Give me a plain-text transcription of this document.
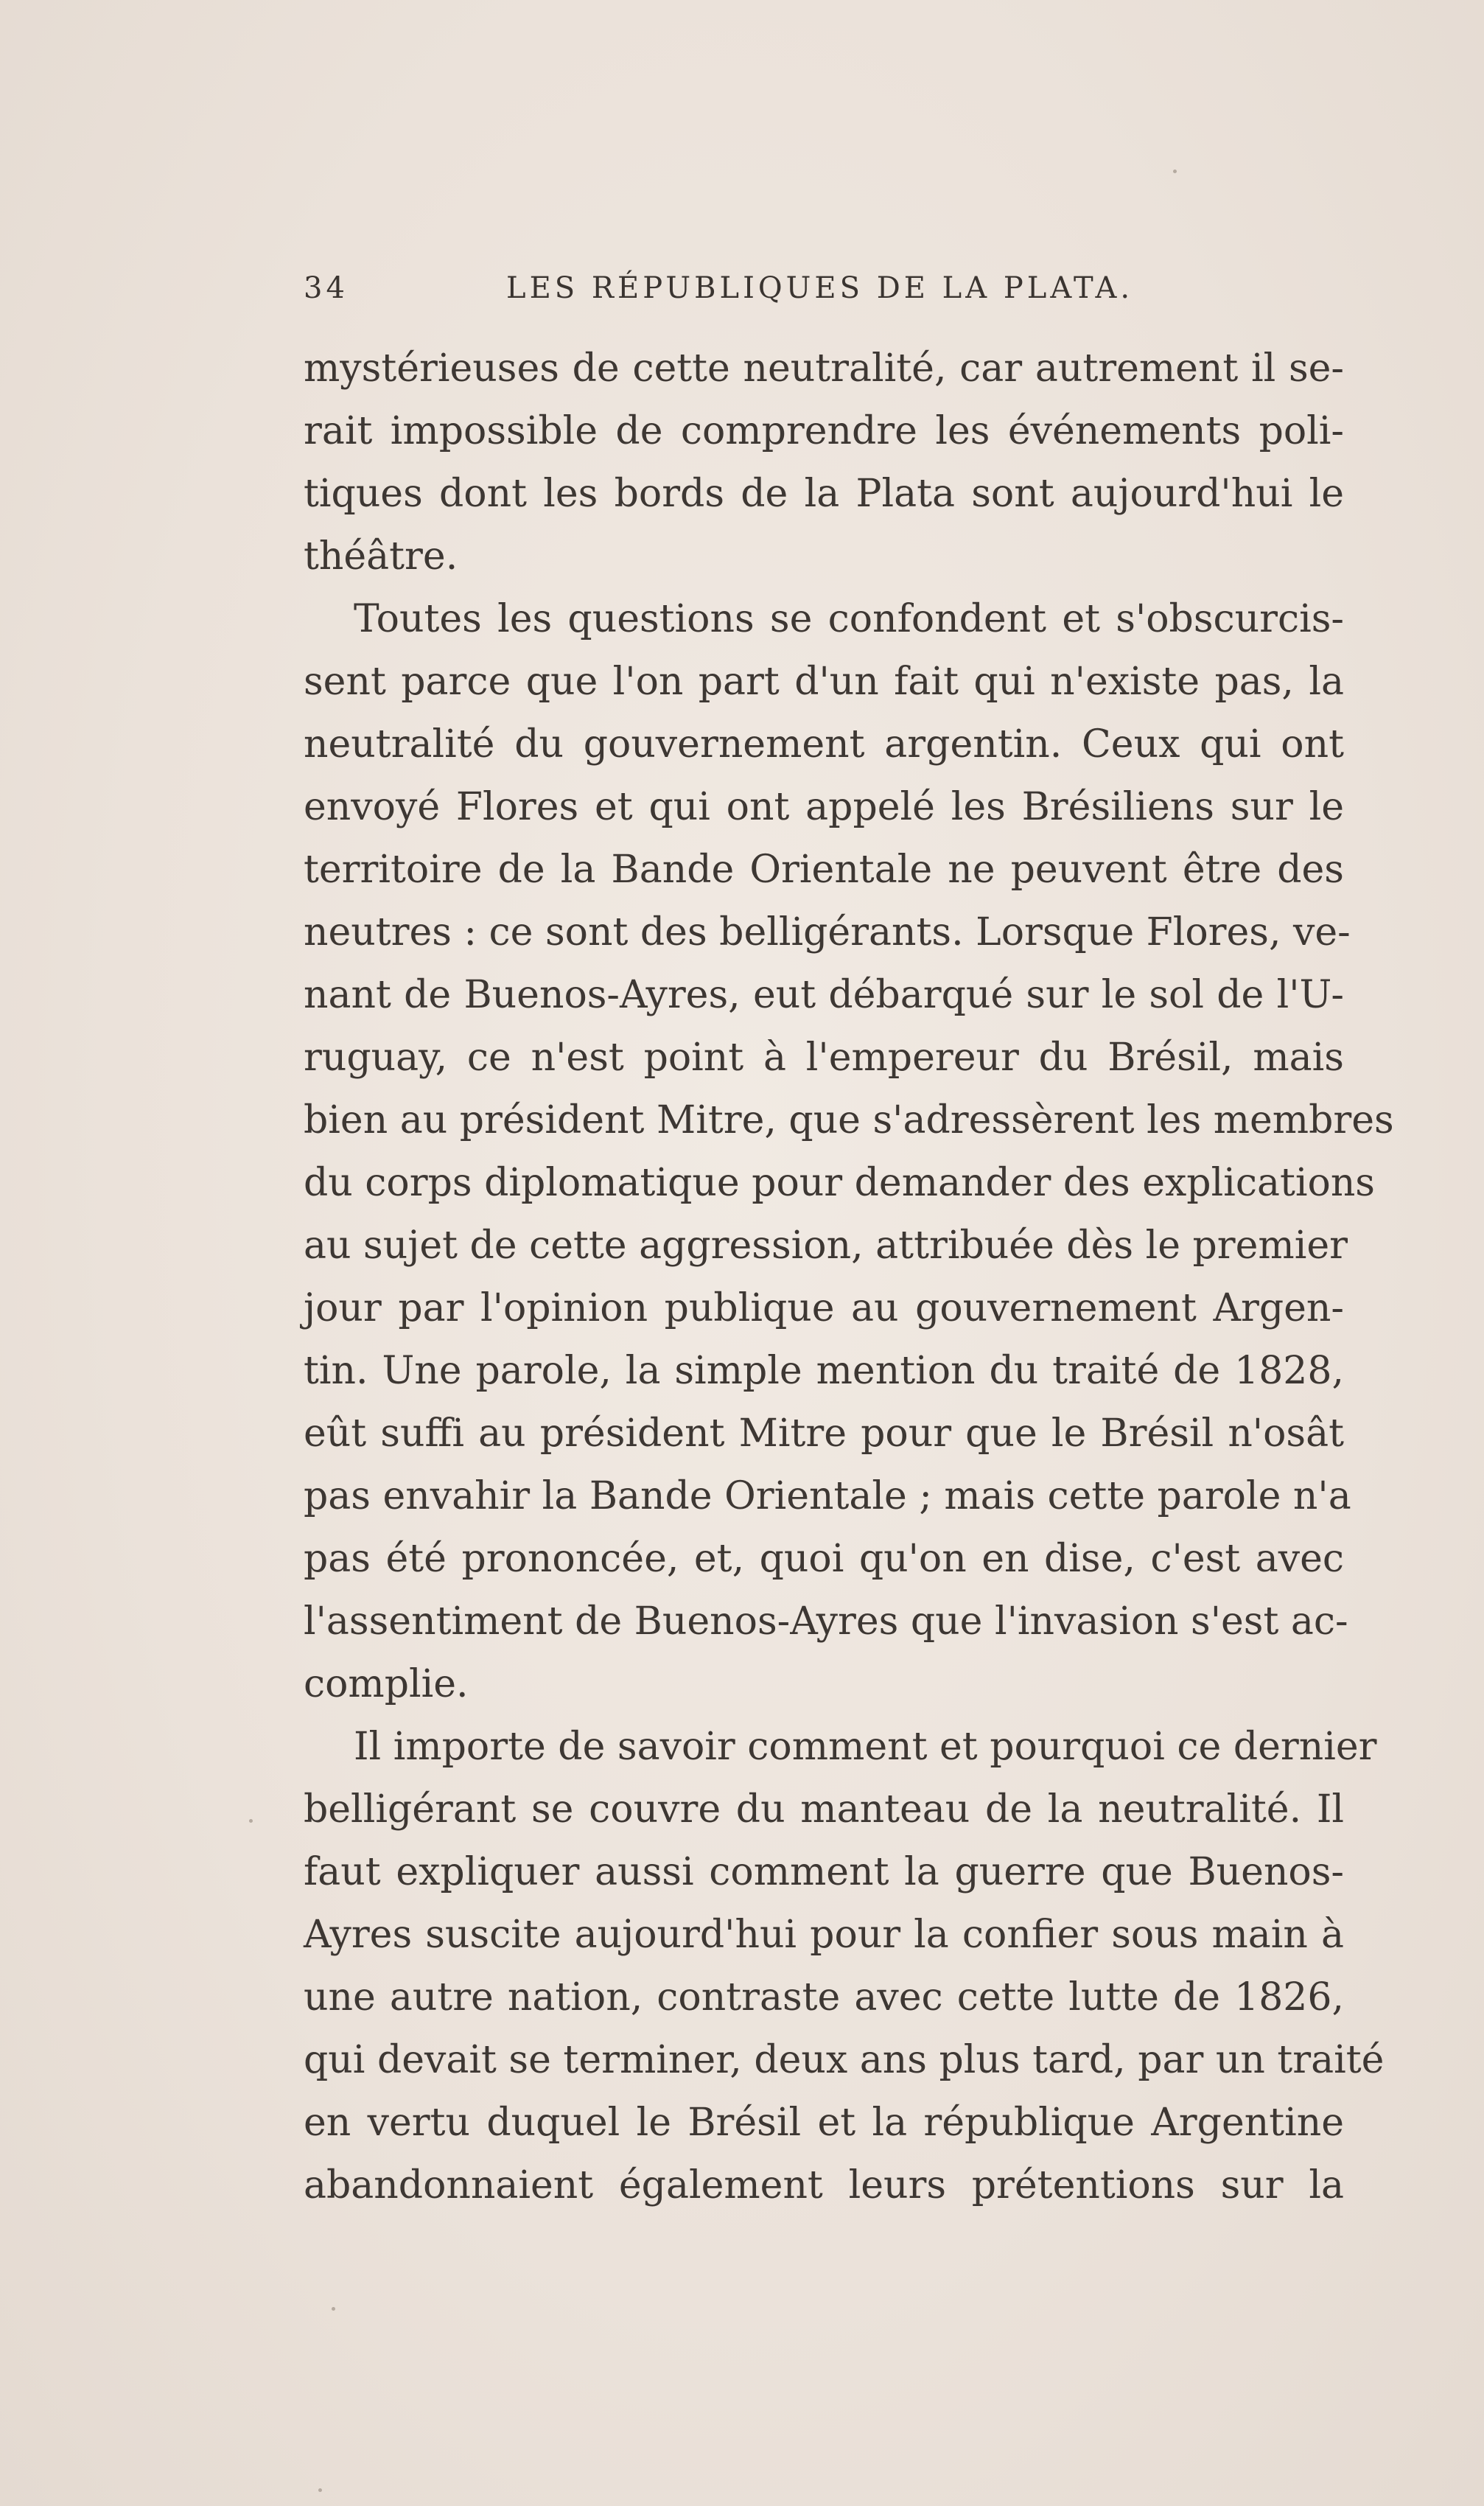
34	LES RÉPUBLIQUES DE LA PLATA.
mystérieuses de cette neutralité, car autrement il se-
rait impossible de comprendre les événements poli-
tiques dont les bords de la Plata sont aujourd'hui le
théâtre.
Toutes les questions se confondent et s'obscurcis-
sent parce que l'on part d'un fait qui n'existe pas, la
neutralité du gouvernement argentin. Ceux qui ont
envoyé Flores et qui ont appelé les Brésiliens sur le
territoire de la Bande Orientale ne peuvent être des
neutres : ce sont des belligérants. Lorsque Flores, ve-
nant de Buenos-Ayres, eut débarqué sur le sol de l'U-
ruguay, ce n'est point à l'empereur du Brésil, mais
bien au président Mitre, que s'adressèrent les membres
du corps diplomatique pour demander des explications
au sujet de cette aggression, attribuée dès le premier
jour par l'opinion publique au gouvernement Argen-
tin. Une parole, la simple mention du traité de 1828,
eût suffi au président Mitre pour que le Brésil n'osât
pas envahir la Bande Orientale ; mais cette parole n'a
pas été prononcée, et, quoi qu'on en dise, c'est avec
l'assentiment de Buenos-Ayres que l'invasion s'est ac-
complie.
Il importe de savoir comment et pourquoi ce dernier
belligérant se couvre du manteau de la neutralité. Il
faut expliquer aussi comment la guerre que Buenos-
Ayres suscite aujourd'hui pour la confier sous main à
une autre nation, contraste avec cette lutte de 1826,
qui devait se terminer, deux ans plus tard, par un traité
en vertu duquel le Brésil et la république Argentine
abandonnaient également leurs prétentions sur la
